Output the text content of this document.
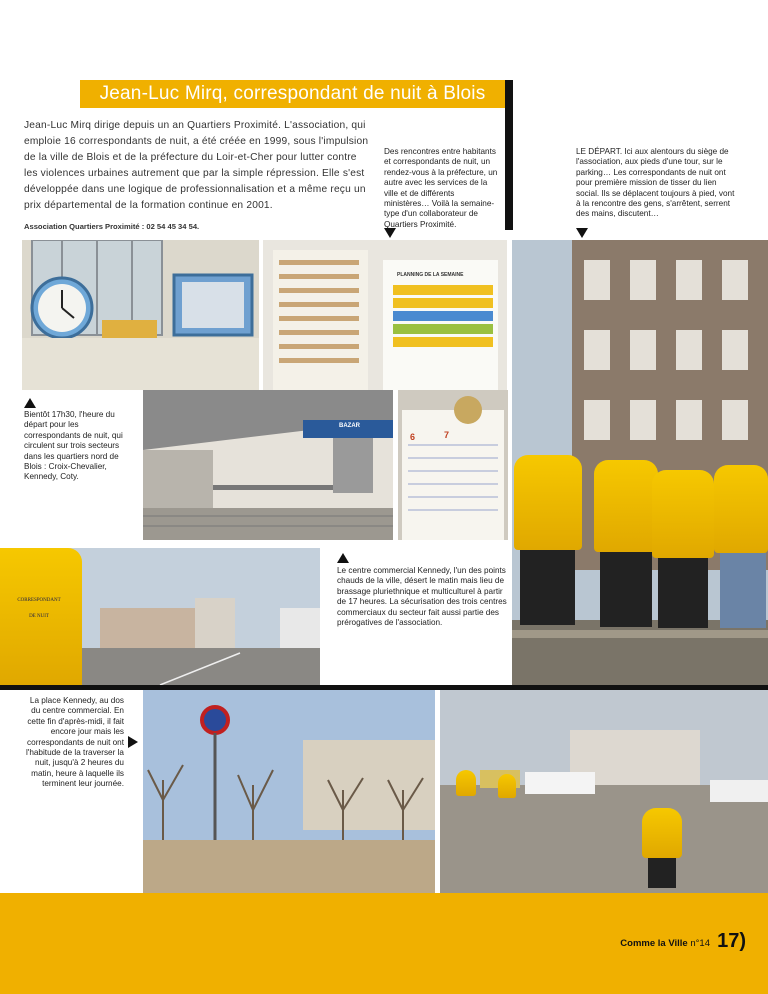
Jean-Luc Mirq, correspondant de nuit à Blois
Jean-Luc Mirq dirige depuis un an Quartiers Proximité. L'association, qui emploie 16 correspondants de nuit, a été créée en 1999, sous l'impulsion de la ville de Blois et de la préfecture du Loir-et-Cher pour lutter contre les violences urbaines autrement que par la simple répression. Elle s'est développée dans une logique de professionnalisation et a même reçu un prix départemental de la formation continue en 2001.
Association Quartiers Proximité : 02 54 45 34 54.
Des rencontres entre habitants et correspondants de nuit, un rendez-vous à la préfecture, un autre avec les services de la ville et de différents ministères… Voilà la semaine-type d'un collaborateur de Quartiers Proximité.
LE DÉPART. Ici aux alentours du siège de l'association, aux pieds d'une tour, sur le parking… Les correspondants de nuit ont pour première mission de tisser du lien social. Ils se déplacent toujours à pied, vont à la rencontre des gens, s'arrêtent, serrent des mains, discutent…
PLANNING DE LA SEMAINE
Bientôt 17h30, l'heure du départ pour les correspondants de nuit, qui circulent sur trois secteurs dans les quartiers nord de Blois : Croix-Chevalier, Kennedy, Coty.
BAZAR
6	7
CORRESPONDANT
DE NUIT
Le centre commercial Kennedy, l'un des points chauds de la ville, désert le matin mais lieu de brassage pluriethnique et multiculturel à partir de 17 heures. La sécurisation des trois centres commerciaux du secteur fait aussi partie des prérogatives de l'association.
La place Kennedy, au dos du centre commercial. En cette fin d'après-midi, il fait encore jour mais les correspondants de nuit ont l'habitude de la traverser la nuit, jusqu'à 2 heures du matin, heure à laquelle ils terminent leur journée.
Comme la Ville n°14 17)
